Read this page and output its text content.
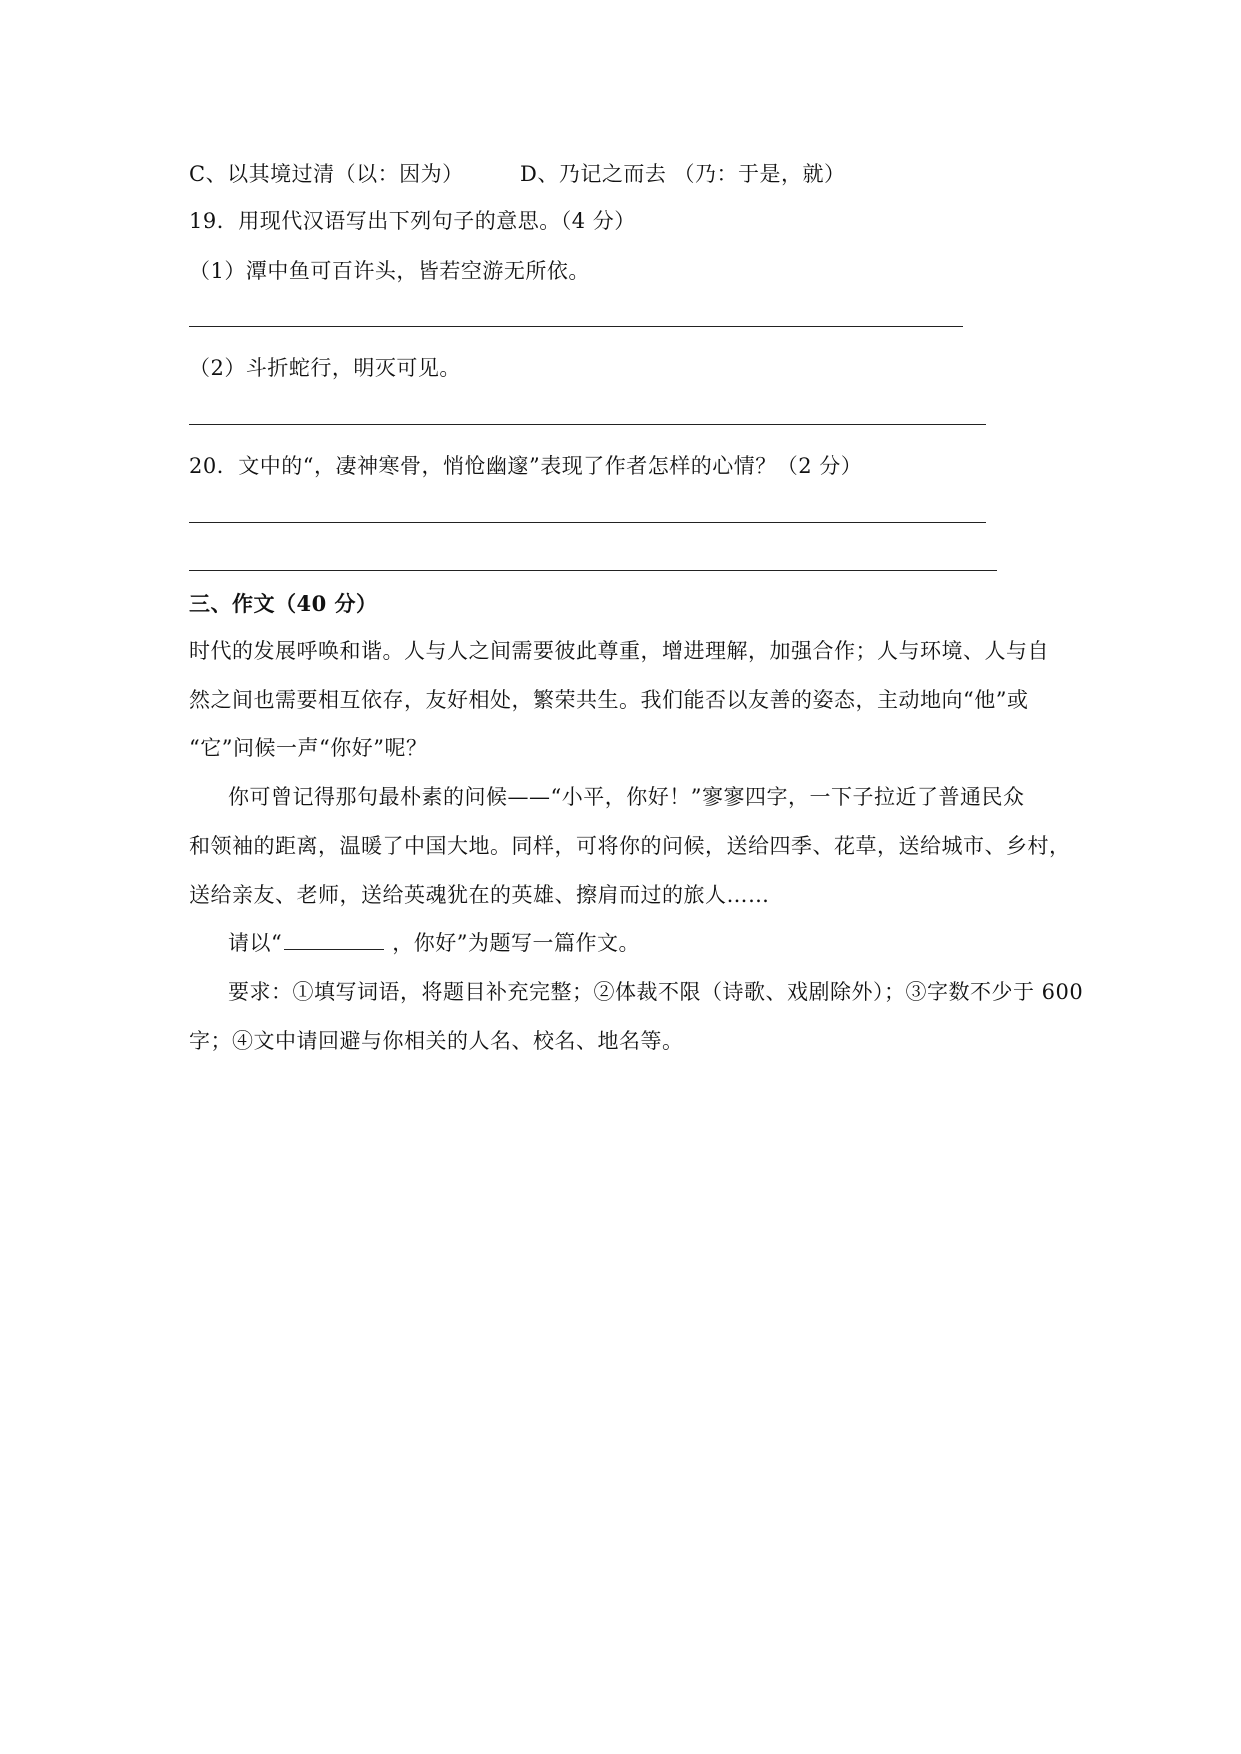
C、以其境过清（以：因为）	D、乃记之而去 （乃：于是，就）
19．用现代汉语写出下列句子的意思。（4 分）
（1）潭中鱼可百许头，皆若空游无所依。
（2）斗折蛇行，明灭可见。
20．文中的“，凄神寒骨，悄怆幽邃”表现了作者怎样的心情？（2 分）
三、作文（40 分）
时代的发展呼唤和谐。人与人之间需要彼此尊重，增进理解，加强合作；人与环境、人与自
然之间也需要相互依存，友好相处，繁荣共生。我们能否以友善的姿态，主动地向“他”或
“它”问候一声“你好”呢？
你可曾记得那句最朴素的问候——“小平，你好！”寥寥四字，一下子拉近了普通民众
和领袖的距离，温暖了中国大地。同样，可将你的问候，送给四季、花草，送给城市、乡村，
送给亲友、老师，送给英魂犹在的英雄、擦肩而过的旅人……
请以“	，你好”为题写一篇作文。
要求：①填写词语，将题目补充完整；②体裁不限（诗歌、戏剧除外）；③字数不少于 600
字；④文中请回避与你相关的人名、校名、地名等。
